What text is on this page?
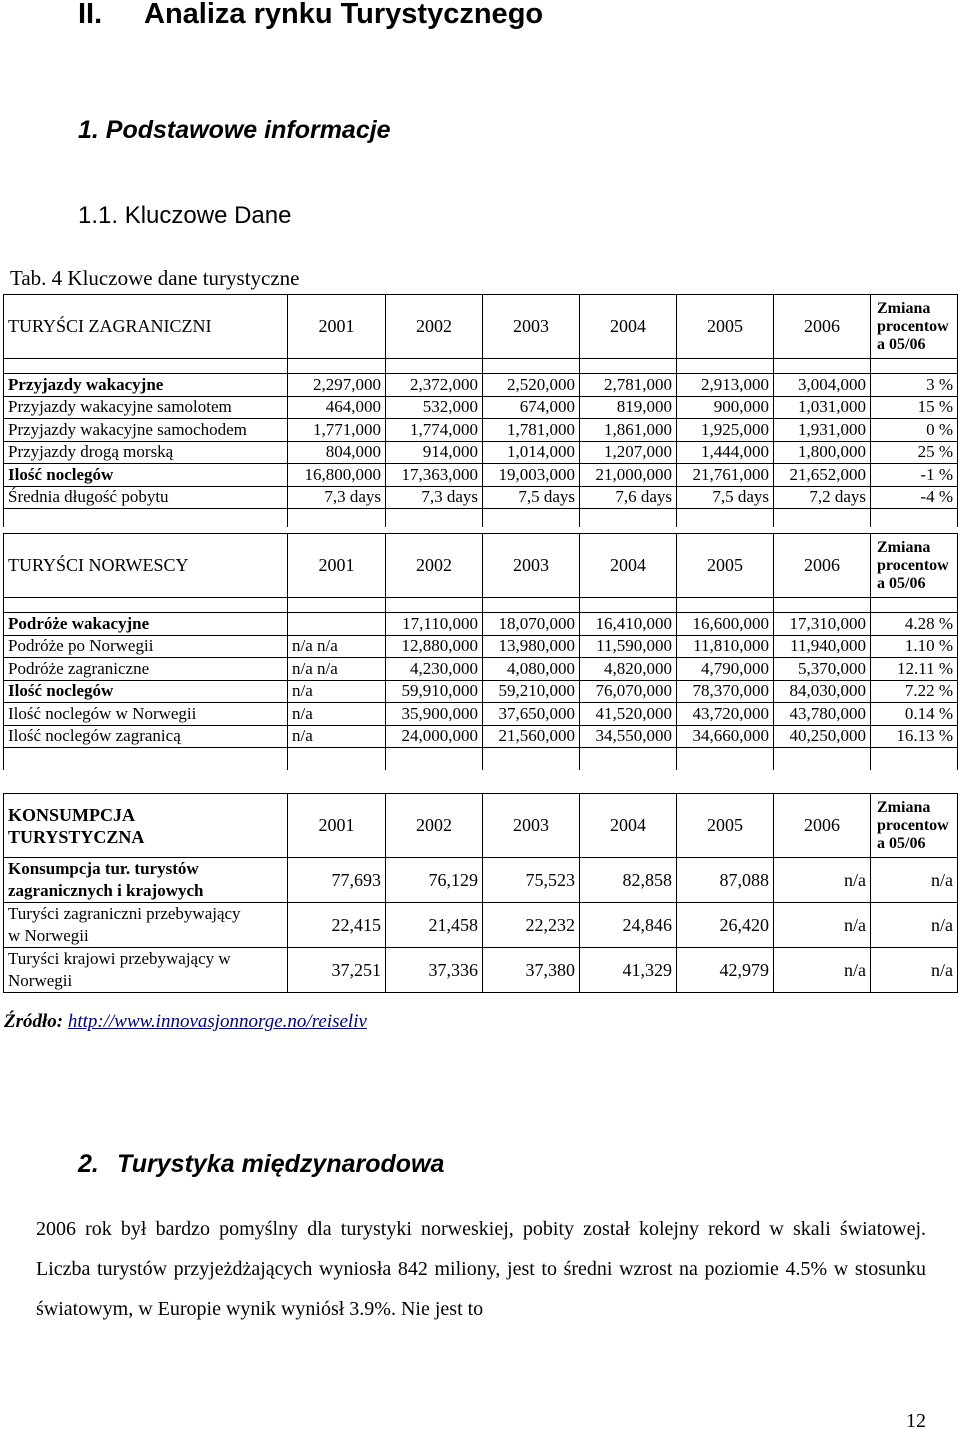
II. Analiza rynku Turystycznego
1. Podstawowe informacje
1.1. Kluczowe Dane
Tab. 4 Kluczowe dane turystyczne
TURYŚCI ZAGRANICZNI	2001	2002	2003	2004	2005	2006	Zmiana
procentow
a 05/06

Przyjazdy wakacyjne	2,297,000	2,372,000	2,520,000	2,781,000	2,913,000	3,004,000	3 %
Przyjazdy wakacyjne samolotem	464,000	532,000	674,000	819,000	900,000	1,031,000	15 %
Przyjazdy wakacyjne samochodem	1,771,000	1,774,000	1,781,000	1,861,000	1,925,000	1,931,000	0 %
Przyjazdy drogą morską	804,000	914,000	1,014,000	1,207,000	1,444,000	1,800,000	25 %
Ilość noclegów	16,800,000	17,363,000	19,003,000	21,000,000	21,761,000	21,652,000	-1 %
Średnia długość pobytu	7,3 days	7,3 days	7,5 days	7,6 days	7,5 days	7,2 days	-4 %

TURYŚCI NORWESCY	2001	2002	2003	2004	2005	2006	Zmiana
procentow
a 05/06

Podróże wakacyjne		17,110,000	18,070,000	16,410,000	16,600,000	17,310,000	4.28 %
Podróże po Norwegii	n/a n/a	12,880,000	13,980,000	11,590,000	11,810,000	11,940,000	1.10 %
Podróże zagraniczne	n/a n/a	4,230,000	4,080,000	4,820,000	4,790,000	5,370,000	12.11 %
Ilość noclegów	n/a	59,910,000	59,210,000	76,070,000	78,370,000	84,030,000	7.22 %
Ilość noclegów w Norwegii	n/a	35,900,000	37,650,000	41,520,000	43,720,000	43,780,000	0.14 %
Ilość noclegów zagranicą	n/a	24,000,000	21,560,000	34,550,000	34,660,000	40,250,000	16.13 %

KONSUMPCJA
TURYSTYCZNA	2001	2002	2003	2004	2005	2006	Zmiana
procentow
a 05/06
Konsumpcja tur. turystów
zagranicznych i krajowych	77,693	76,129	75,523	82,858	87,088	n/a	n/a
Turyści zagraniczni przebywający
w Norwegii	22,415	21,458	22,232	24,846	26,420	n/a	n/a
Turyści krajowi przebywający w
Norwegii	37,251	37,336	37,380	41,329	42,979	n/a	n/a
Źródło: http://www.innovasjonnorge.no/reiseliv
2. Turystyka międzynarodowa
2006 rok był bardzo pomyślny dla turystyki norweskiej, pobity został kolejny rekord w skali światowej. Liczba turystów przyjeżdżających wyniosła 842 miliony, jest to średni wzrost na poziomie 4.5% w stosunku światowym, w Europie wynik wyniósł 3.9%. Nie jest to
12
